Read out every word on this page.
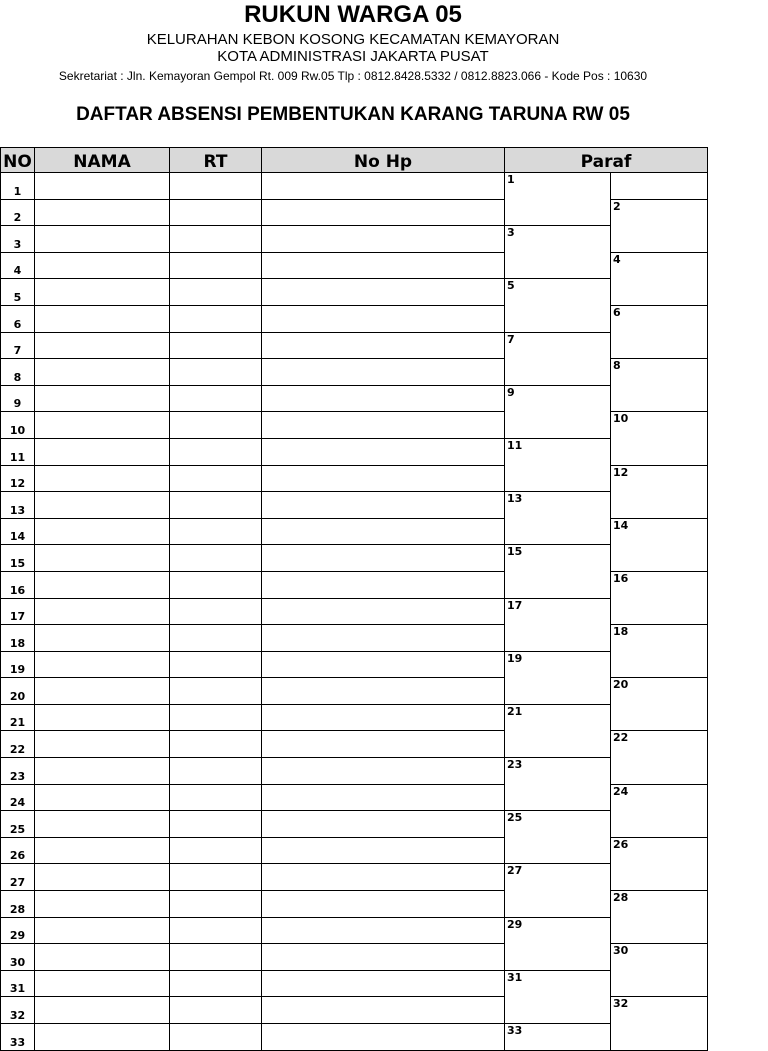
RUKUN WARGA 05
KELURAHAN KEBON KOSONG KECAMATAN KEMAYORAN
KOTA ADMINISTRASI JAKARTA PUSAT
Sekretariat : Jln. Kemayoran Gempol Rt. 009 Rw.05 Tlp : 0812.8428.5332 / 0812.8823.066 - Kode Pos : 10630
DAFTAR ABSENSI PEMBENTUKAN KARANG TARUNA RW 05
NO	NAMA	RT	No Hp	Paraf	
1				1	
2					2
3				3	
4					4
5				5	
6					6
7				7	
8					8
9				9	
10					10
11				11	
12					12
13				13	
14					14
15				15	
16					16
17				17	
18					18
19				19	
20					20
21				21	
22					22
23				23	
24					24
25				25	
26					26
27				27	
28					28
29				29	
30					30
31				31	
32					32
33				33	
